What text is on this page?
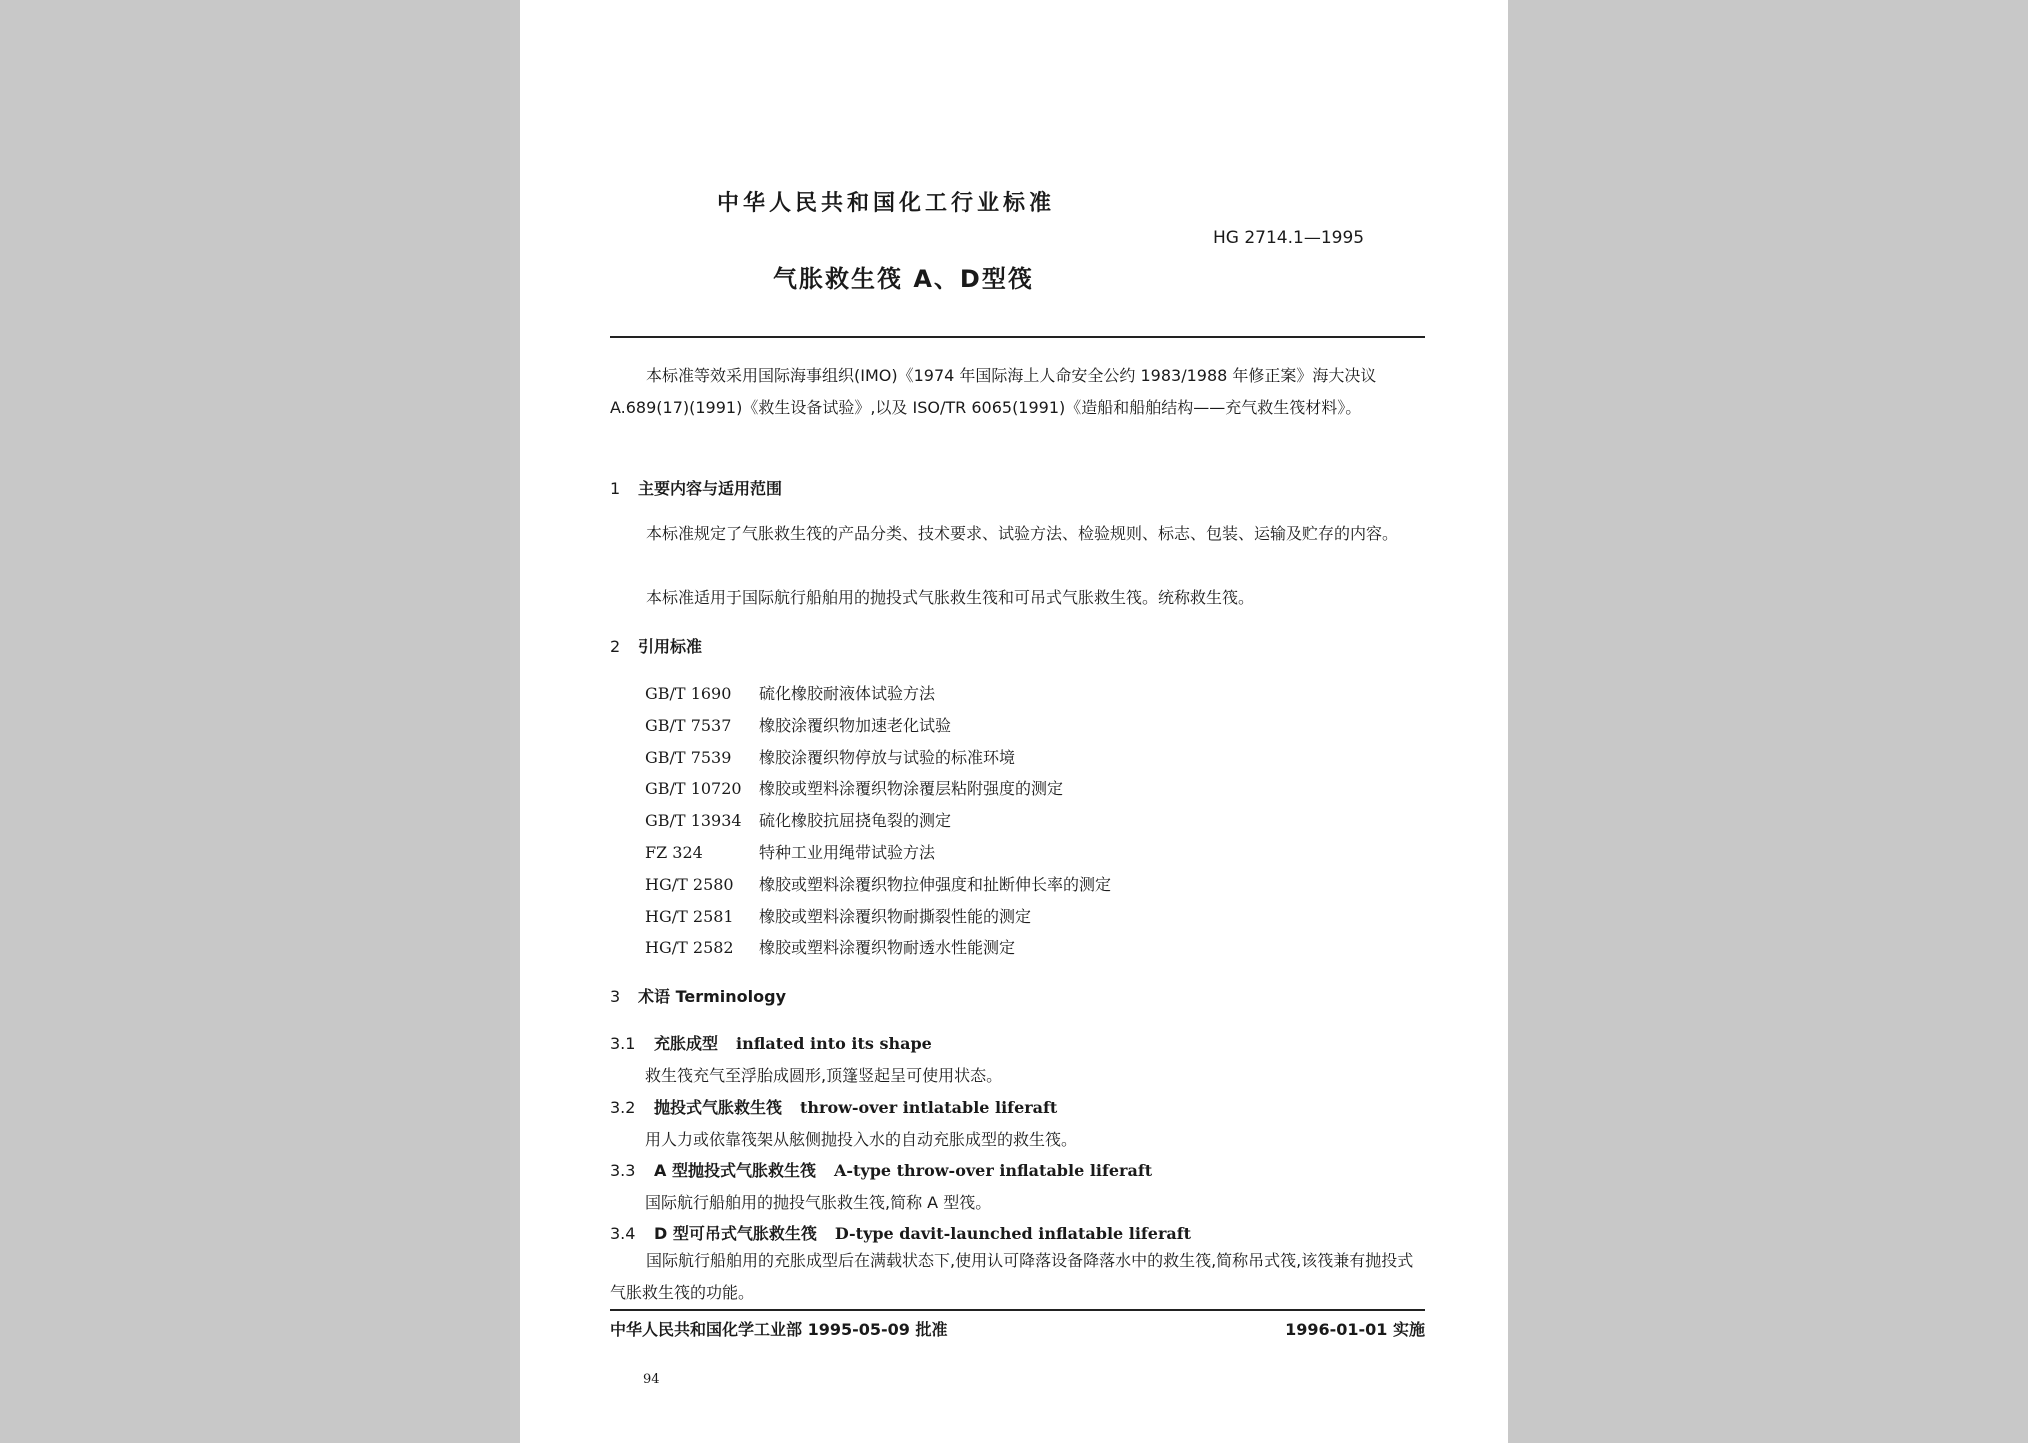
中华人民共和国化工行业标准
HG 2714.1—1995
气胀救生筏 A、D型筏
本标准等效采用国际海事组织(IMO)《1974 年国际海上人命安全公约 1983/1988 年修正案》海大决议 A.689(17)(1991)《救生设备试验》,以及 ISO/TR 6065(1991)《造船和船舶结构——充气救生筏材料》。
1 主要内容与适用范围
本标准规定了气胀救生筏的产品分类、技术要求、试验方法、检验规则、标志、包装、运输及贮存的内容。
本标准适用于国际航行船舶用的抛投式气胀救生筏和可吊式气胀救生筏。统称救生筏。
2 引用标准
GB/T 1690 硫化橡胶耐液体试验方法
GB/T 7537 橡胶涂覆织物加速老化试验
GB/T 7539 橡胶涂覆织物停放与试验的标准环境
GB/T 10720 橡胶或塑料涂覆织物涂覆层粘附强度的测定
GB/T 13934 硫化橡胶抗屈挠龟裂的测定
FZ 324	特种工业用绳带试验方法
HG/T 2580 橡胶或塑料涂覆织物拉伸强度和扯断伸长率的测定
HG/T 2581 橡胶或塑料涂覆织物耐撕裂性能的测定
HG/T 2582 橡胶或塑料涂覆织物耐透水性能测定
3 术语 Terminology
3.1 充胀成型 inflated into its shape
救生筏充气至浮胎成圆形,顶篷竖起呈可使用状态。
3.2 抛投式气胀救生筏 throw-over intlatable liferaft
用人力或依靠筏架从舷侧抛投入水的自动充胀成型的救生筏。
3.3 A 型抛投式气胀救生筏 A-type throw-over inflatable liferaft
国际航行船舶用的抛投气胀救生筏,简称 A 型筏。
3.4 D 型可吊式气胀救生筏 D-type davit-launched inflatable liferaft
国际航行船舶用的充胀成型后在满载状态下,使用认可降落设备降落水中的救生筏,简称吊式筏,该筏兼有抛投式气胀救生筏的功能。
中华人民共和国化学工业部 1995-05-09 批准	1996-01-01 实施
94
